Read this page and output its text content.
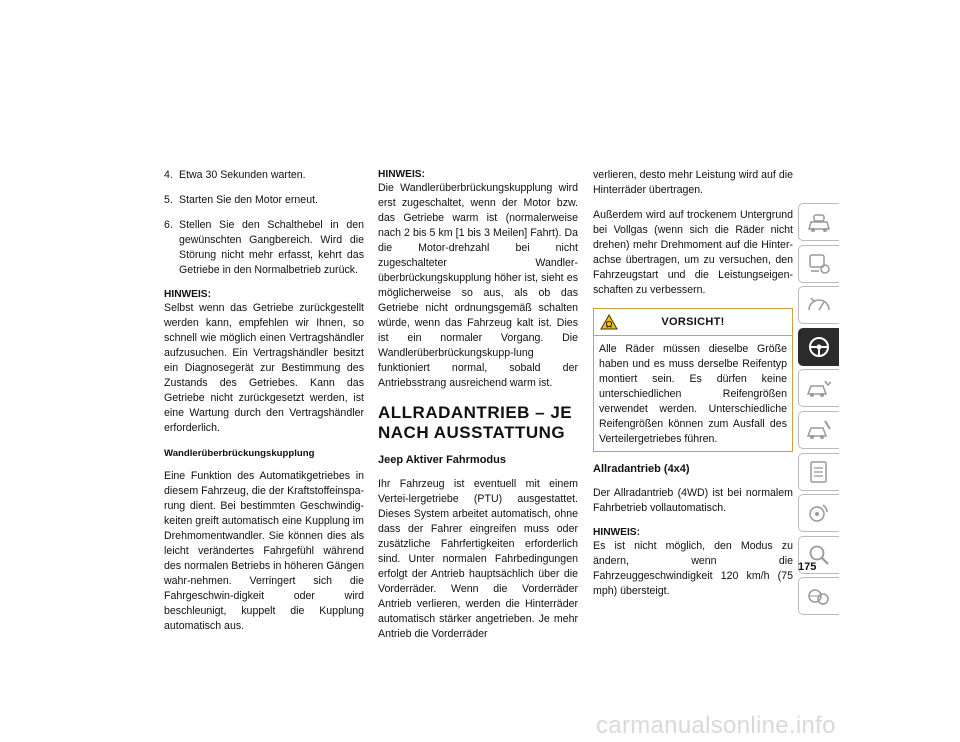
4. Etwa 30 Sekunden warten.
5. Starten Sie den Motor erneut.
6. Stellen Sie den Schalthebel in den gewünschten Gangbereich. Wird die Störung nicht mehr erfasst, kehrt das Getriebe in den Normalbetrieb zurück.

HINWEIS:
Selbst wenn das Getriebe zurückgestellt werden kann, empfehlen wir Ihnen, so schnell wie möglich einen Vertragshändler aufzusuchen. Ein Vertragshändler besitzt ein Diagnosegerät zur Bestimmung des Zustands des Getriebes. Kann das Getriebe nicht zurückgesetzt werden, ist eine Wartung durch den Vertragshändler erforderlich.

Wandlerüberbrückungskupplung

Eine Funktion des Automatikgetriebes in diesem Fahrzeug, die der Kraftstoffeinspa-rung dient. Bei bestimmten Geschwindig-keiten greift automatisch eine Kupplung im Drehmomentwandler. Sie können dies als leicht verändertes Fahrgefühl während des normalen Betriebs in höheren Gängen wahr-nehmen. Verringert sich die Fahrgeschwin-digkeit oder wird beschleunigt, kuppelt die Kupplung automatisch aus.

HINWEIS:
Die Wandlerüberbrückungskupplung wird erst zugeschaltet, wenn der Motor bzw. das Getriebe warm ist (normalerweise nach 2 bis 5 km [1 bis 3 Meilen] Fahrt). Da die Motor-drehzahl bei nicht zugeschalteter Wandler-überbrückungskupplung höher ist, sieht es möglicherweise so aus, als ob das Getriebe nicht ordnungsgemäß schalten würde, wenn das Fahrzeug kalt ist. Dies ist ein normaler Vorgang. Die Wandlerüberbrückungskupp-lung funktioniert normal, sobald der Antriebsstrang ausreichend warm ist.

ALLRADANTRIEB – JE NACH AUSSTATTUNG
Jeep Aktiver Fahrmodus

Ihr Fahrzeug ist eventuell mit einem Vertei-lergetriebe (PTU) ausgestattet. Dieses System arbeitet automatisch, ohne dass der Fahrer eingreifen muss oder zusätzliche Fahrfertigkeiten erforderlich sind. Unter normalen Fahrbedingungen erfolgt der Antrieb hauptsächlich über die Vorderräder. Wenn die Vorderräder Antrieb verlieren, werden die Hinterräder automatisch stärker angetrieben. Je mehr Antrieb die Vorderräder

verlieren, desto mehr Leistung wird auf die Hinterräder übertragen.

Außerdem wird auf trockenem Untergrund bei Vollgas (wenn sich die Räder nicht drehen) mehr Drehmoment auf die Hinter-achse übertragen, um zu versuchen, den Fahrzeugstart und die Leistungseigen-schaften zu verbessern.

VORSICHT!

Alle Räder müssen dieselbe Größe haben und es muss derselbe Reifentyp montiert sein. Es dürfen keine unterschiedlichen Reifengrößen verwendet werden. Unterschiedliche Reifengrößen können zum Ausfall des Verteilergetriebes führen.

Allradantrieb (4x4)

Der Allradantrieb (4WD) ist bei normalem Fahrbetrieb vollautomatisch.

HINWEIS:
Es ist nicht möglich, den Modus zu ändern, wenn die Fahrzeuggeschwindigkeit 120 km/h (75 mph) übersteigt.

175
carmanualsonline.info
